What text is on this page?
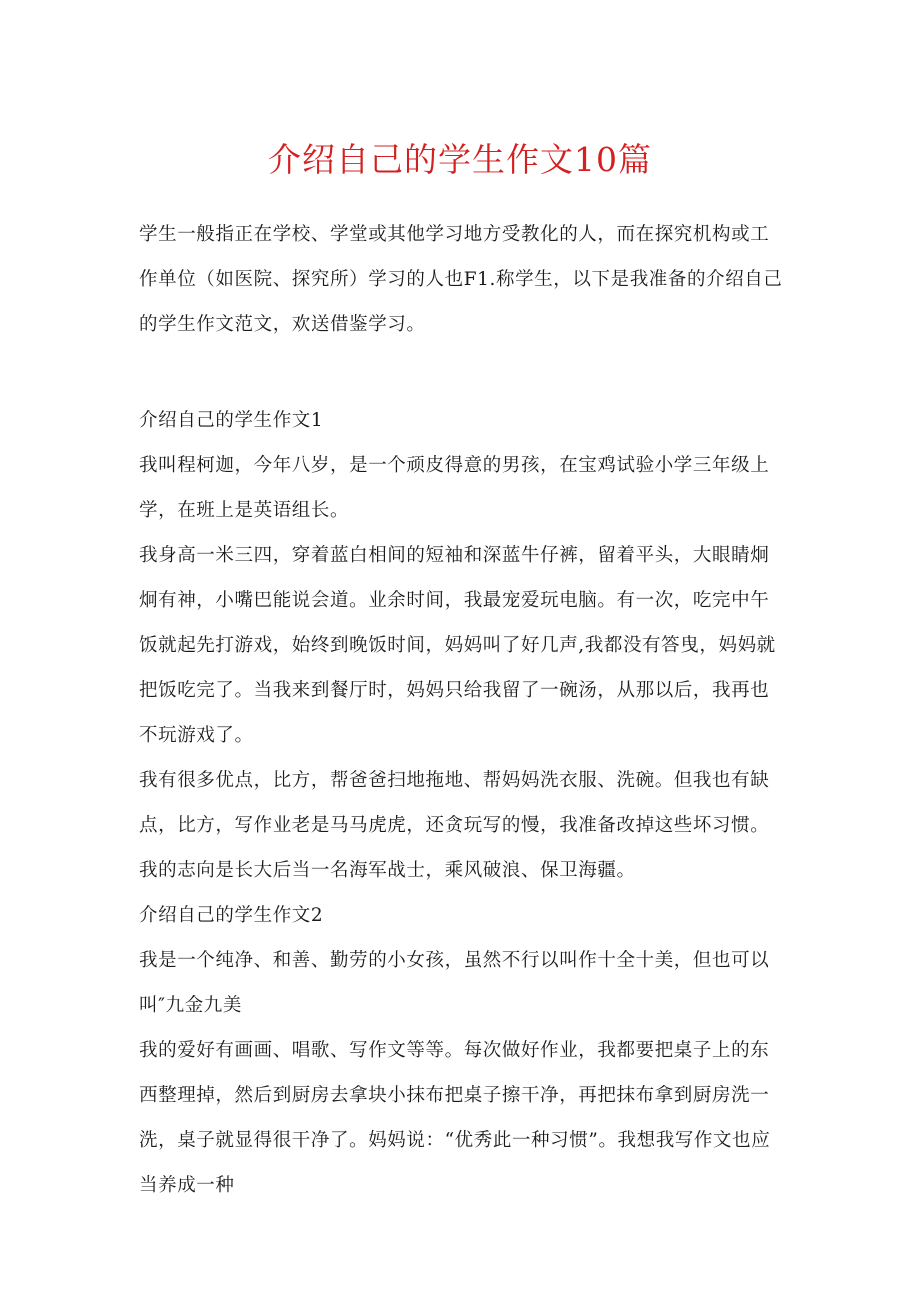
介绍自己的学生作文10篇

学生一般指正在学校、学堂或其他学习地方受教化的人，而在探究机构或工作单位（如医院、探究所）学习的人也F1.称学生，以下是我准备的介绍自己的学生作文范文，欢送借鉴学习。

介绍自己的学生作文1

我叫程柯迦，今年八岁，是一个顽皮得意的男孩，在宝鸡试验小学三年级上学，在班上是英语组长。

我身高一米三四，穿着蓝白相间的短袖和深蓝牛仔裤，留着平头，大眼睛炯炯有神，小嘴巴能说会道。业余时间，我最宠爱玩电脑。有一次，吃完中午饭就起先打游戏，始终到晚饭时间，妈妈叫了好几声,我都没有答曳，妈妈就把饭吃完了。当我来到餐厅时，妈妈只给我留了一碗汤，从那以后，我再也不玩游戏了。

我有很多优点，比方，帮爸爸扫地拖地、帮妈妈洗衣服、洗碗。但我也有缺点，比方，写作业老是马马虎虎，还贪玩写的慢，我准备改掉这些坏习惯。

我的志向是长大后当一名海军战士，乘风破浪、保卫海疆。

介绍自己的学生作文2

我是一个纯净、和善、勤劳的小女孩，虽然不行以叫作十全十美，但也可以叫″九金九美

我的爱好有画画、唱歌、写作文等等。每次做好作业，我都要把桌子上的东西整理掉，然后到厨房去拿块小抹布把桌子擦干净，再把抹布拿到厨房洗一洗，桌子就显得很干净了。妈妈说：“优秀此一种习惯”。我想我写作文也应当养成一种
